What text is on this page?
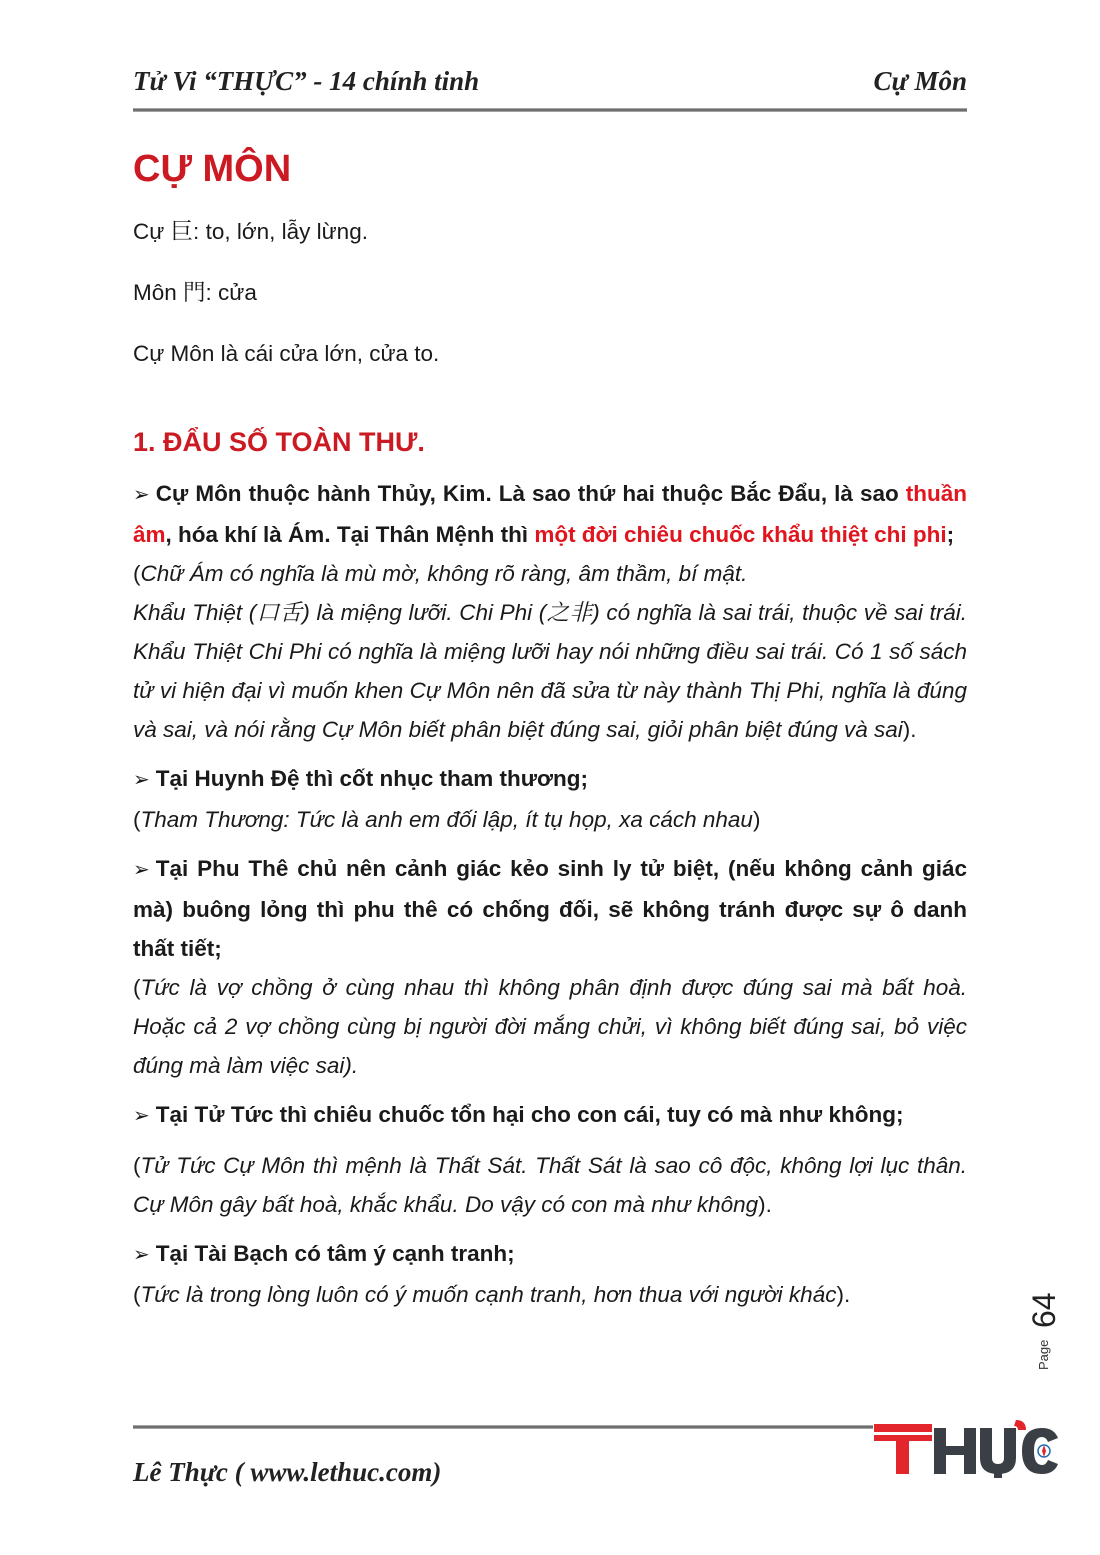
Tử Vi “THỰC” - 14 chính tinh	Cự Môn
CỰ MÔN

Cự 巨: to, lớn, lẫy lừng.

Môn 門: cửa

Cự Môn là cái cửa lớn, cửa to.

1. ĐẨU SỐ TOÀN THƯ.

➢ Cự Môn thuộc hành Thủy, Kim. Là sao thứ hai thuộc Bắc Đẩu, là sao thuần âm, hóa khí là Ám. Tại Thân Mệnh thì một đời chiêu chuốc khẩu thiệt chi phi;

(Chữ Ám có nghĩa là mù mờ, không rõ ràng, âm thầm, bí mật.

Khẩu Thiệt (口舌) là miệng lưỡi. Chi Phi (之非) có nghĩa là sai trái, thuộc về sai trái. Khẩu Thiệt Chi Phi có nghĩa là miệng lưỡi hay nói những điều sai trái. Có 1 số sách tử vi hiện đại vì muốn khen Cự Môn nên đã sửa từ này thành Thị Phi, nghĩa là đúng và sai, và nói rằng Cự Môn biết phân biệt đúng sai, giỏi phân biệt đúng và sai).

➢ Tại Huynh Đệ thì cốt nhục tham thương;

(Tham Thương: Tức là anh em đối lập, ít tụ họp, xa cách nhau)

➢ Tại Phu Thê chủ nên cảnh giác kẻo sinh ly tử biệt, (nếu không cảnh giác mà) buông lỏng thì phu thê có chống đối, sẽ không tránh được sự ô danh thất tiết;

(Tức là vợ chồng ở cùng nhau thì không phân định được đúng sai mà bất hoà. Hoặc cả 2 vợ chồng cùng bị người đời mắng chửi, vì không biết đúng sai, bỏ việc đúng mà làm việc sai).

➢ Tại Tử Tức thì chiêu chuốc tổn hại cho con cái, tuy có mà như không;

(Tử Tức Cự Môn thì mệnh là Thất Sát. Thất Sát là sao cô độc, không lợi lục thân. Cự Môn gây bất hoà, khắc khẩu. Do vậy có con mà như không).

➢ Tại Tài Bạch có tâm ý cạnh tranh;

(Tức là trong lòng luôn có ý muốn cạnh tranh, hơn thua với người khác).	64
Page
Lê Thực ( www.lethuc.com)
